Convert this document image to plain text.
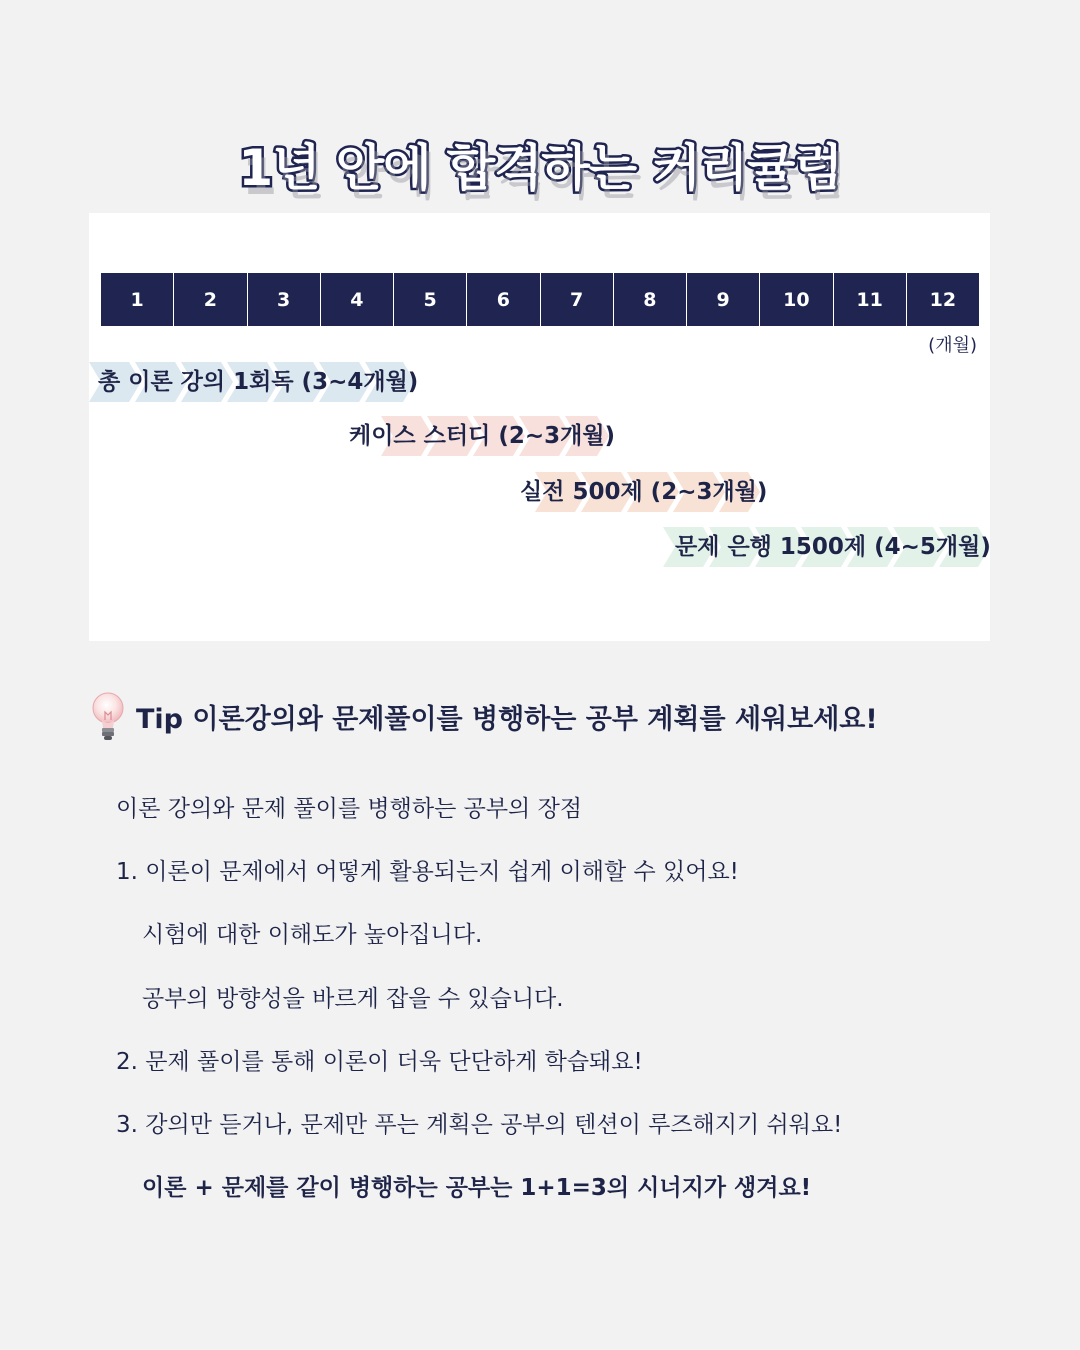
1년 안에 합격하는 커리큘럼
1	2	3	4	5	6	7	8	9	10	11	12
(개월)
총 이론 강의 1회독 (3~4개월)
케이스 스터디 (2~3개월)
실전 500제 (2~3개월)
문제 은행 1500제 (4~5개월)
Tip 이론강의와 문제풀이를 병행하는 공부 계획를 세워보세요!
이론 강의와 문제 풀이를 병행하는 공부의 장점
1. 이론이 문제에서 어떻게 활용되는지 쉽게 이해할 수 있어요!
시험에 대한 이해도가 높아집니다.
공부의 방향성을 바르게 잡을 수 있습니다.
2. 문제 풀이를 통해 이론이 더욱 단단하게 학습돼요!
3. 강의만 듣거나, 문제만 푸는 계획은 공부의 텐션이 루즈해지기 쉬워요!
이론 + 문제를 같이 병행하는 공부는 1+1=3의 시너지가 생겨요!
